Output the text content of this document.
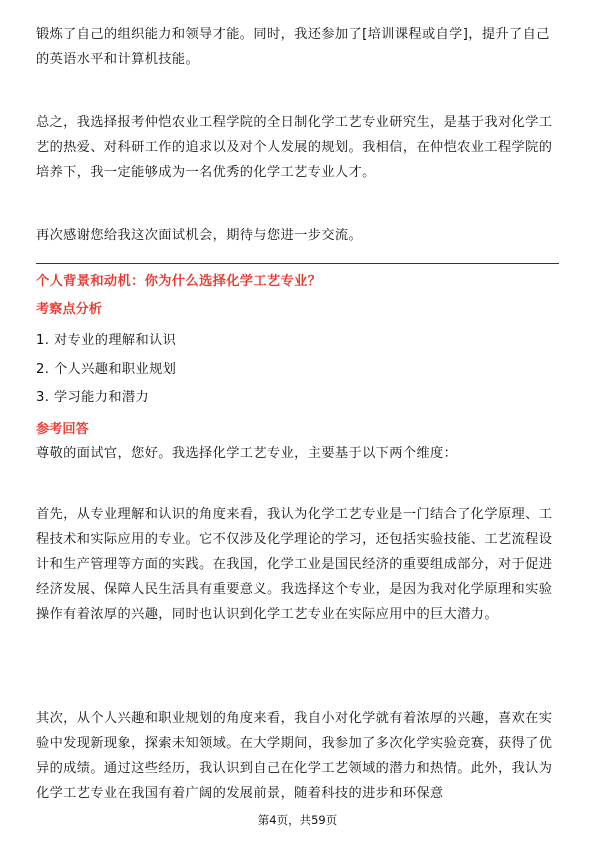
锻炼了自己的组织能力和领导才能。同时，我还参加了[培训课程或自学]，提升了自己的英语水平和计算机技能。

总之，我选择报考仲恺农业工程学院的全日制化学工艺专业研究生，是基于我对化学工艺的热爱、对科研工作的追求以及对个人发展的规划。我相信，在仲恺农业工程学院的培养下，我一定能够成为一名优秀的化学工艺专业人才。

再次感谢您给我这次面试机会，期待与您进一步交流。

个人背景和动机：你为什么选择化学工艺专业？
考察点分析
1. 对专业的理解和认识
2. 个人兴趣和职业规划
3. 学习能力和潜力
参考回答

尊敬的面试官，您好。我选择化学工艺专业，主要基于以下两个维度：

首先，从专业理解和认识的角度来看，我认为化学工艺专业是一门结合了化学原理、工程技术和实际应用的专业。它不仅涉及化学理论的学习，还包括实验技能、工艺流程设计和生产管理等方面的实践。在我国，化学工业是国民经济的重要组成部分，对于促进经济发展、保障人民生活具有重要意义。我选择这个专业，是因为我对化学原理和实验操作有着浓厚的兴趣，同时也认识到化学工艺专业在实际应用中的巨大潜力。

其次，从个人兴趣和职业规划的角度来看，我自小对化学就有着浓厚的兴趣，喜欢在实验中发现新现象，探索未知领域。在大学期间，我参加了多次化学实验竞赛，获得了优异的成绩。通过这些经历，我认识到自己在化学工艺领域的潜力和热情。此外，我认为化学工艺专业在我国有着广阔的发展前景，随着科技的进步和环保意

第4页，共59页
